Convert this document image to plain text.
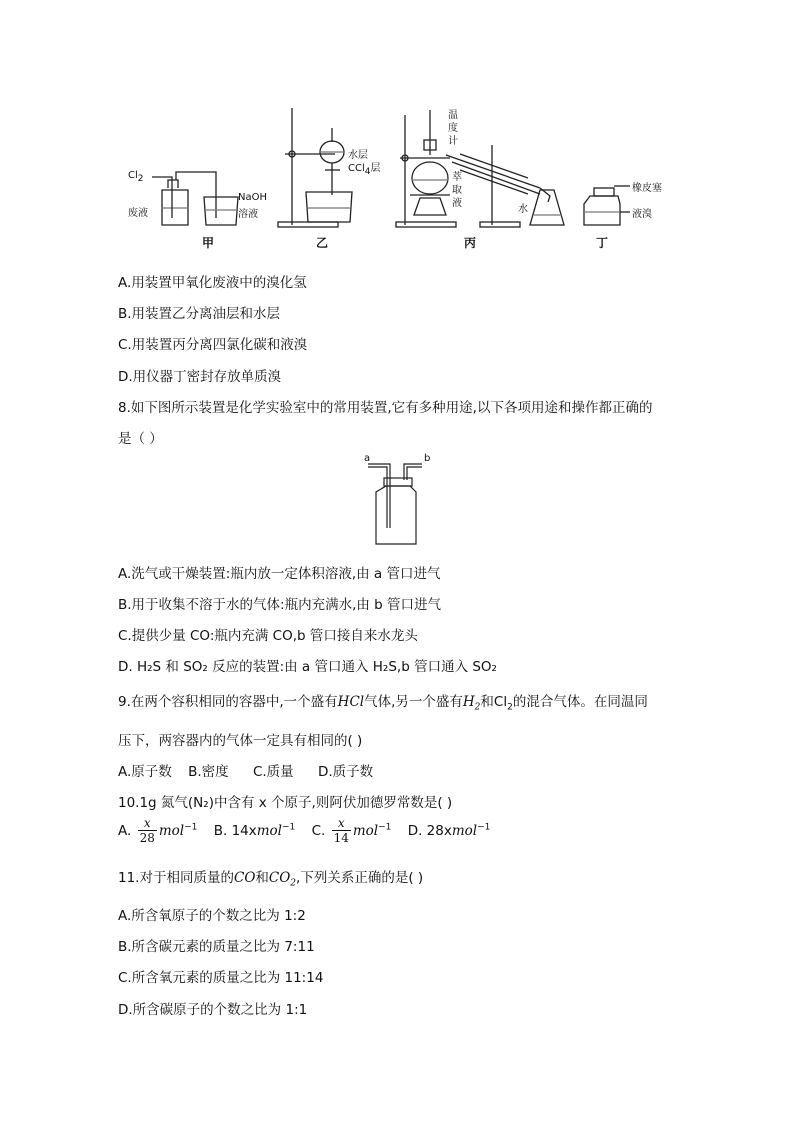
$Cl_2$
废液
NaOH
溶液
水层
CCl$_4$层
温
度
计
萃
取
液
水
橡皮塞
液溴
甲	乙	丙	丁
A.用装置甲氧化废液中的溴化氢
B.用装置乙分离油层和水层
C.用装置丙分离四氯化碳和液溴
D.用仪器丁密封存放单质溴
8.如下图所示装置是化学实验室中的常用装置,它有多种用途,以下各项用途和操作都正确的
是（ ）
a	b
A.洗气或干燥装置:瓶内放一定体积溶液,由 a 管口进气
B.用于收集不溶于水的气体:瓶内充满水,由 b 管口进气
C.提供少量 CO:瓶内充满 CO,b 管口接自来水龙头
D. H₂S 和 SO₂ 反应的装置:由 a 管口通入 H₂S,b 管口通入 SO₂
9.在两个容积相同的容器中,一个盛有HCl气体,另一个盛有$H_2$和$Cl_2$的混合气体。在同温同
压下，两容器内的气体一定具有相同的( )
A.原子数 B.密度 C.质量 D.质子数
10.1g 氮气(N₂)中含有 x 个原子,则阿伏加德罗常数是( )
A. $\frac{x}{28} mol^{-1}$ B. 14xmol$^{-1}$ C. $\frac{x}{14} mol^{-1}$ D. 28xmol$^{-1}$
11.对于相同质量的CO和$CO_2$,下列关系正确的是( )
A.所含氧原子的个数之比为 1:2
B.所含碳元素的质量之比为 7:11
C.所含氧元素的质量之比为 11:14
D.所含碳原子的个数之比为 1:1
